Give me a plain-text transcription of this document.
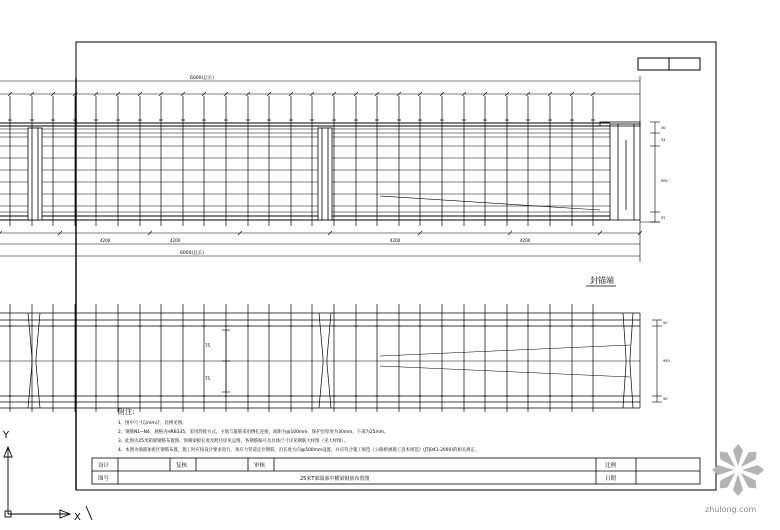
6000(总长)
6000(总长)
4200	4200	4200	4200
30
54
900
32
封锚端
75
75
50
950
50
附注:
1、图中尺寸以mm计，比例见图。
2、钢筋N1~N4，规格为HRB335，采用焊接方式，主筋与箍筋采用绑扎连接，间距为@100mm，保护层厚度为30mm，下部为25mm。
3、此图为25米箱梁钢筋布置图，预制梁板长度及跨径详见总图，各钢筋编号及具体尺寸详见钢筋大样图（见大样图）。
4、本图为端部加密区钢筋布置，施工时应按设计要求进行，预应力管道定位钢筋，沿长度方向@500mm设置，并应符合施工规范《公路桥涵施工技术规范》(JTJ041-2000)的相关规定。
设计
图号
复核	审核
25米T梁端部中横梁钢筋布置图
比例
日期
Y
X
zhulong.com
